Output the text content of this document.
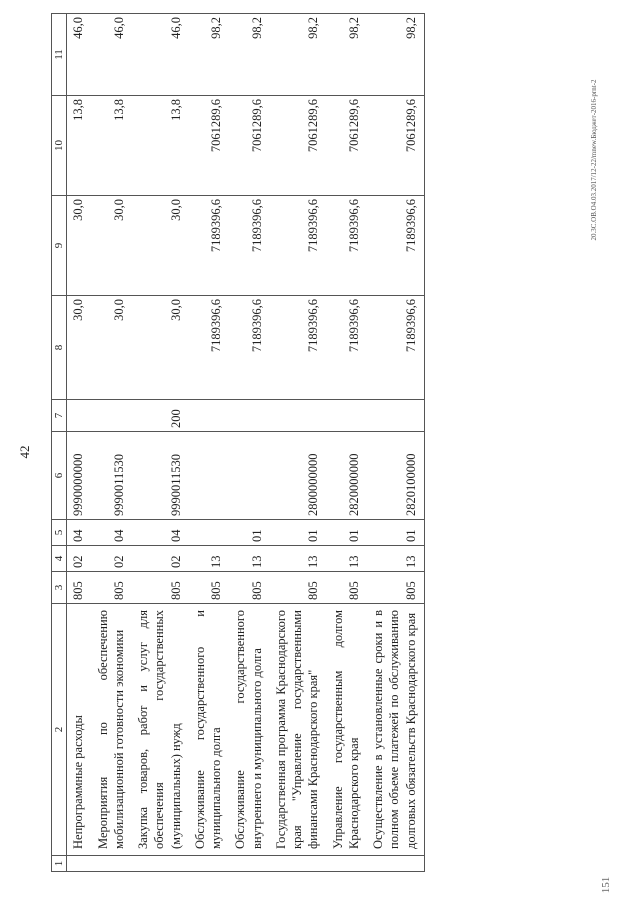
42
20.3С.ОВ.О4.03.2017/12-22/mnew.Бюджет-2016-prnt-2
151
1	2	3	4	5	6	7	8	9	10	11
	Непрограммные расходы	805	02	04	9990000000		30,0	30,0	13,8	46,0
	Мероприятия по обеспечению мобилизационной готовности экономики	805	02	04	9990011530		30,0	30,0	13,8	46,0
	Закупка товаров, работ и услуг для обеспечения государственных (муниципальных) нужд	805	02	04	9990011530	200	30,0	30,0	13,8	46,0
	Обслуживание государственного и муниципального долга	805	13				7189396,6	7189396,6	7061289,6	98,2
	Обслуживание государственного внутреннего и муниципального долга	805	13	01			7189396,6	7189396,6	7061289,6	98,2
	Государственная программа Краснодарского края "Управление государственными финансами Краснодарского края"	805	13	01	2800000000		7189396,6	7189396,6	7061289,6	98,2
	Управление государственным долгом Краснодарского края	805	13	01	2820000000		7189396,6	7189396,6	7061289,6	98,2
	Осуществление в установленные сроки и в полном объеме платежей по обслуживанию долговых обязательств Краснодарского края	805	13	01	2820100000		7189396,6	7189396,6	7061289,6	98,2
